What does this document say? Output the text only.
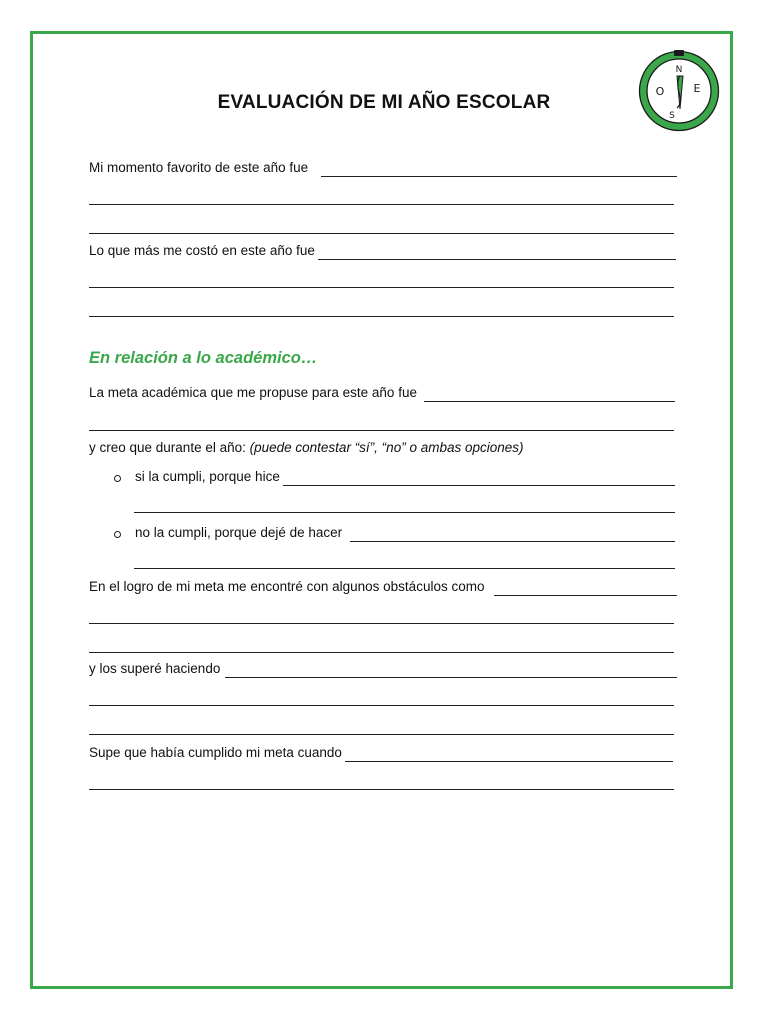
EVALUACIÓN DE MI AÑO ESCOLAR
N
O	E
S
Mi momento favorito de este año fue
Lo que más me costó en este año fue
En relación a lo académico…
La meta académica que me propuse para este año fue
y creo que durante el año: (puede contestar “sí”, “no” o ambas opciones)
si la cumpli, porque hice
no la cumpli, porque dejé de hacer
En el logro de mi meta me encontré con algunos obstáculos como
y los superé haciendo
Supe que había cumplido mi meta cuando
